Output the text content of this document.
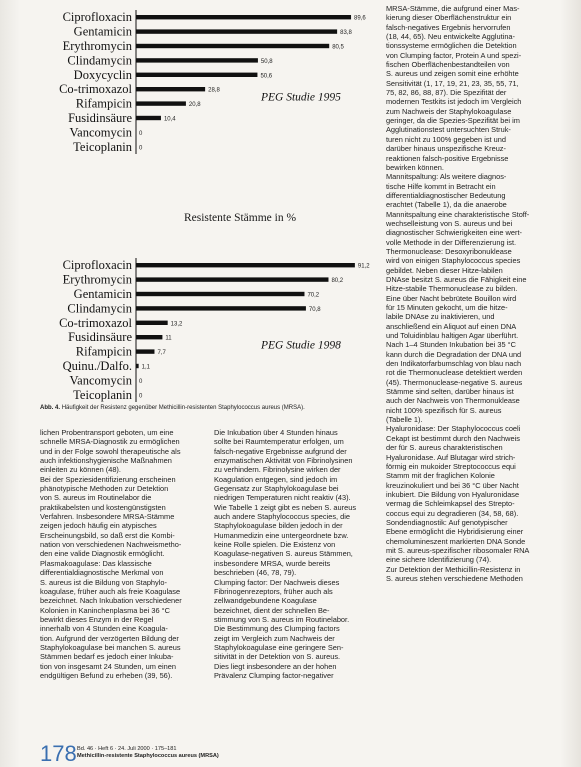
Ciprofloxacin	89,6
Gentamicin	83,8
Erythromycin	80,5
Clindamycin	50,8
Doxycyclin	50,6
Co-trimoxazol	28,8
Rifampicin	20,8
Fusidinsäure	10,4
Vancomycin 0
Teicoplanin 0
PEG Studie 1995
Resistente Stämme in %
Ciprofloxacin	91,2
Erythromycin	80,2
Gentamicin	70,2
Clindamycin	70,8
Co-trimoxazol	13,2
Fusidinsäure	11
Rifampicin	7,7
Quinu./Dalfo. 1,1
Vancomycin 0
Teicoplanin 0
PEG Studie 1998
Abb. 4. Häufigkeit der Resistenz gegenüber Methicillin-resistenten Staphylococcus aureus (MRSA).

MRSA-Stämme, die aufgrund einer Mas-

kierung dieser Oberflächenstruktur ein

falsch-negatives Ergebnis hervorrufen

(18, 44, 65). Neu entwickelte Agglutina-

tionssysteme ermöglichen die Detektion

von Clumping factor, Protein A und spezi-

fischen Oberflächenbestandteilen von

S. aureus und zeigen somit eine erhöhte

Sensitivität (1, 17, 19, 21, 23, 35, 55, 71,

75, 82, 86, 88, 87). Die Spezifität der

modernen Testkits ist jedoch im Vergleich

zum Nachweis der Staphylokoagulase

geringer, da die Spezies-Spezifität bei im

Agglutinationstest untersuchten Struk-

turen nicht zu 100% gegeben ist und

darüber hinaus unspezifische Kreuz-

reaktionen falsch-positive Ergebnisse

bewirken können.

Mannitspaltung: Als weitere diagnos-

tische Hilfe kommt in Betracht ein

differentialdiagnostischer Bedeutung

erachtet (Tabelle 1), da die anaerobe

Mannitspaltung eine charakteristische Stoff-

wechselleistung von S. aureus und bei

diagnostischer Schwierigkeiten eine wert-

volle Methode in der Differenzierung ist.

Thermonuclease: Desoxyribonuklease

wird von einigen Staphylococcus species

gebildet. Neben dieser Hitze-labilen

DNAse besitzt S. aureus die Fähigkeit eine

Hitze-stabile Thermonuclease zu bilden.

Eine über Nacht bebrütete Bouillon wird

für 15 Minuten gekocht, um die hitze-

labile DNAse zu inaktivieren, und

anschließend ein Aliquot auf einen DNA

und Toluidinblau haltigen Agar überführt.

Nach 1–4 Stunden Inkubation bei 35 °C

kann durch die Degradation der DNA und

den Indikatorfarbumschlag von blau nach

rot die Thermonuclease detektiert werden

(45). Thermonuclease-negative S. aureus

Stämme sind selten, darüber hinaus ist

auch der Nachweis von Thermonuklease

nicht 100% spezifisch für S. aureus

(Tabelle 1).

Hyaluronidase: Der Staphylococcus coeli

Cekapt ist bestimmt durch den Nachweis

der für S. aureus charakteristischen

Hyaluronidase. Auf Blutagar wird strich-

förmig ein mukoider Streptococcus equi

Stamm mit der fraglichen Kolonie

kreuzinokuliert und bei 36 °C über Nacht

inkubiert. Die Bildung von Hyaluronidase

vermag die Schleimkapsel des Strepto-

coccus equi zu degradieren (34, 58, 68).

Sondendiagnostik: Auf genotypischer

Ebene ermöglicht die Hybridisierung einer

chemolumineszent markierten DNA Sonde

mit S. aureus-spezifischer ribosomaler RNA

eine sichere Identifizierung (74).

Zur Detektion der Methicillin-Resistenz in

S. aureus stehen verschiedene Methoden

lichen Probentransport geboten, um eine

schnelle MRSA-Diagnostik zu ermöglichen

und in der Folge sowohl therapeutische als

auch infektionshygienische Maßnahmen

einleiten zu können (48).

Bei der Speziesidentifizierung erscheinen

phänotypische Methoden zur Detektion

von S. aureus im Routinelabor die

praktikabelsten und kostengünstigsten

Verfahren. Insbesondere MRSA-Stämme

zeigen jedoch häufig ein atypisches

Erscheinungsbild, so daß erst die Kombi-

nation von verschiedenen Nachweismetho-

den eine valide Diagnostik ermöglicht.

Plasmakoagulase: Das klassische

differentialdiagnostische Merkmal von

S. aureus ist die Bildung von Staphylo-

koagulase, früher auch als freie Koagulase

bezeichnet. Nach Inkubation verschiedener

Kolonien in Kaninchenplasma bei 36 °C

bewirkt dieses Enzym in der Regel

innerhalb von 4 Stunden eine Koagula-

tion. Aufgrund der verzögerten Bildung der

Staphylokoagulase bei manchen S. aureus

Stämmen bedarf es jedoch einer Inkuba-

tion von insgesamt 24 Stunden, um einen

endgültigen Befund zu erheben (39, 56).

Die Inkubation über 4 Stunden hinaus

sollte bei Raumtemperatur erfolgen, um

falsch-negative Ergebnisse aufgrund der

enzymatischen Aktivität von Fibrinolysinen

zu verhindern. Fibrinolysine wirken der

Koagulation entgegen, sind jedoch im

Gegensatz zur Staphylokoagulase bei

niedrigen Temperaturen nicht reaktiv (43).

Wie Tabelle 1 zeigt gibt es neben S. aureus

auch andere Staphylococcus species, die

Staphylokoagulase bilden jedoch in der

Humanmedizin eine untergeordnete bzw.

keine Rolle spielen. Die Existenz von

Koagulase-negativen S. aureus Stämmen,

insbesondere MRSA, wurde bereits

beschrieben (46, 78, 79).

Clumping factor: Der Nachweis dieses

Fibrinogenrezeptors, früher auch als

zellwandgebundene Koagulase

bezeichnet, dient der schnellen Be-

stimmung von S. aureus im Routinelabor.

Die Bestimmung des Clumping factors

zeigt im Vergleich zum Nachweis der

Staphylokoagulase eine geringere Sen-

sitivität in der Detektion von S. aureus.

Dies liegt insbesondere an der hohen

Prävalenz Clumping factor-negativer

178 Bd. 46 · Heft 6 · 24. Juli 2000 · 175–181
Methicillin-resistente Staphylococcus aureus (MRSA)
